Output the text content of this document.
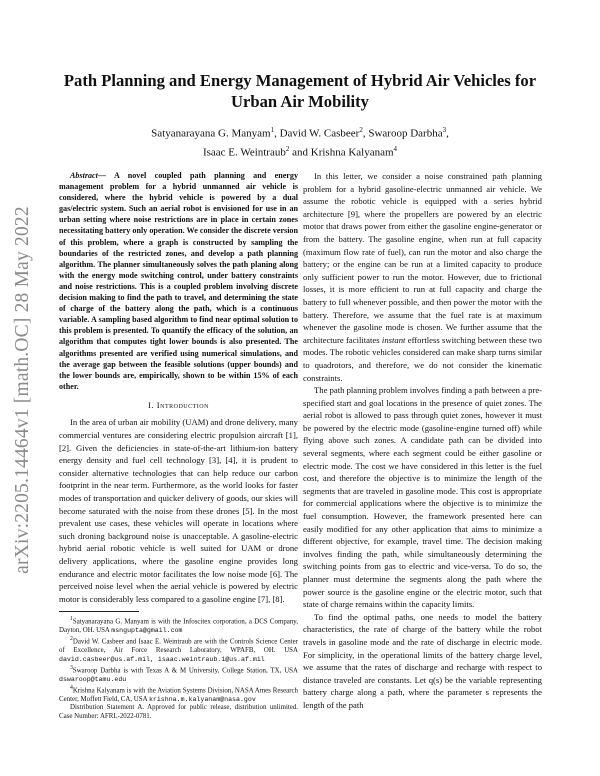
arXiv:2205.14464v1 [math.OC] 28 May 2022
Path Planning and Energy Management of Hybrid Air Vehicles for Urban Air Mobility
Satyanarayana G. Manyam$^1$, David W. Casbeer$^2$, Swaroop Darbha$^3$,
Isaac E. Weintraub$^2$ and Krishna Kalyanam$^4$

Abstract— A novel coupled path planning and energy management problem for a hybrid unmanned air vehicle is considered, where the hybrid vehicle is powered by a dual gas/electric system. Such an aerial robot is envisioned for use in an urban setting where noise restrictions are in place in certain zones necessitating battery only operation. We consider the discrete version of this problem, where a graph is constructed by sampling the boundaries of the restricted zones, and develop a path planning algorithm. The planner simultaneously solves the path planing along with the energy mode switching control, under battery constraints and noise restrictions. This is a coupled problem involving discrete decision making to find the path to travel, and determining the state of charge of the battery along the path, which is a continuous variable. A sampling based algorithm to find near optimal solution to this problem is presented. To quantify the efficacy of the solution, an algorithm that computes tight lower bounds is also presented. The algorithms presented are verified using numerical simulations, and the average gap between the feasible solutions (upper bounds) and the lower bounds are, empirically, shown to be within 15% of each other.

I. Introduction

In the area of urban air mobility (UAM) and drone delivery, many commercial ventures are considering electric propulsion aircraft [1], [2]. Given the deficiencies in state-of-the-art lithium-ion battery energy density and fuel cell technology [3], [4], it is prudent to consider alternative technologies that can help reduce our carbon footprint in the near term. Furthermore, as the world looks for faster modes of transportation and quicker delivery of goods, our skies will become saturated with the noise from these drones [5]. In the most prevalent use cases, these vehicles will operate in locations where such droning background noise is unacceptable. A gasoline-electric hybrid aerial robotic vehicle is well suited for UAM or drone delivery applications, where the gasoline engine provides long endurance and electric motor facilitates the low noise mode [6]. The perceived noise level when the aerial vehicle is powered by electric motor is considerably less compared to a gasoline engine [7], [8].

$^1$Satyanarayana G. Manyam is with the Infoscitex corporation, a DCS Company, Dayton, OH. USA msngupta@gmail.com

$^2$David W. Casbeer and Isaac E. Weintraub are with the Controls Science Center of Excellence, Air Force Research Laboratory, WPAFB, OH. USA david.casbeer@us.af.mil, isaac.weintraub.1@us.af.mil

$^3$Swaroop Darbha is with Texas A & M University, College Station, TX, USA dswaroop@tamu.edu

$^4$Krishna Kalyanam is with the Aviation Systems Division, NASA Ames Research Center, Moffett Field, CA, USA krishna.m.kalyanam@nasa.gov

Distribution Statement A. Approved for public release, distribution unlimited. Case Number: AFRL-2022-0781.

In this letter, we consider a noise constrained path planning problem for a hybrid gasoline-electric unmanned air vehicle. We assume the robotic vehicle is equipped with a series hybrid architecture [9], where the propellers are powered by an electric motor that draws power from either the gasoline engine-generator or from the battery. The gasoline engine, when run at full capacity (maximum flow rate of fuel), can run the motor and also charge the battery; or the engine can be run at a limited capacity to produce only sufficient power to run the motor. However, due to frictional losses, it is more efficient to run at full capacity and charge the battery to full whenever possible, and then power the motor with the battery. Therefore, we assume that the fuel rate is at maximum whenever the gasoline mode is chosen. We further assume that the architecture facilitates instant effortless switching between these two modes. The robotic vehicles considered can make sharp turns similar to quadrotors, and therefore, we do not consider the kinematic constraints.

The path planning problem involves finding a path between a pre-specified start and goal locations in the presence of quiet zones. The aerial robot is allowed to pass through quiet zones, however it must be powered by the electric mode (gasoline-engine turned off) while flying above such zones. A candidate path can be divided into several segments, where each segment could be either gasoline or electric mode. The cost we have considered in this letter is the fuel cost, and therefore the objective is to minimize the length of the segments that are traveled in gasoline mode. This cost is appropriate for commercial applications where the objective is to minimize the fuel consumption. However, the framework presented here can easily modified for any other application that aims to minimize a different objective, for example, travel time. The decision making involves finding the path, while simultaneously determining the switching points from gas to electric and vice-versa. To do so, the planner must determine the segments along the path where the power source is the gasoline engine or the electric motor, such that state of charge remains within the capacity limits.

To find the optimal paths, one needs to model the battery characteristics, the rate of charge of the battery while the robot travels in gasoline mode and the rate of discharge in electric mode. For simplicity, in the operational limits of the battery charge level, we assume that the rates of discharge and recharge with respect to distance traveled are constants. Let q(s) be the variable representing battery charge along a path, where the parameter s represents the length of the path
